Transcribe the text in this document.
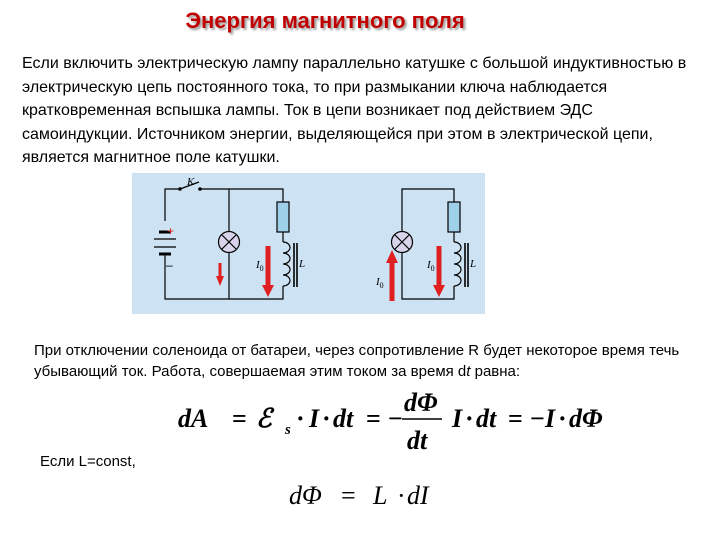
Энергия магнитного поля
Если включить электрическую лампу параллельно катушке с большой индуктивностью в электрическую цепь постоянного тока, то при размыкании ключа наблюдается кратковременная вспышка лампы. Ток в цепи возникает под действием ЭДС самоиндукции. Источником энергии, выделяющейся при этом в электрической цепи, является магнитное поле катушки.
K
+
–	$I_0$	L
$I_0$
$I_0$	L
При отключении соленоида от батареи, через сопротивление R будет некоторое время течь убывающий ток. Работа, совершаемая этим током за время dt равна:
dA = ℰ s · I · dt = −
dΦ
dt
I · dt = − I · dΦ
Если L=const,
dΦ = L · dI
